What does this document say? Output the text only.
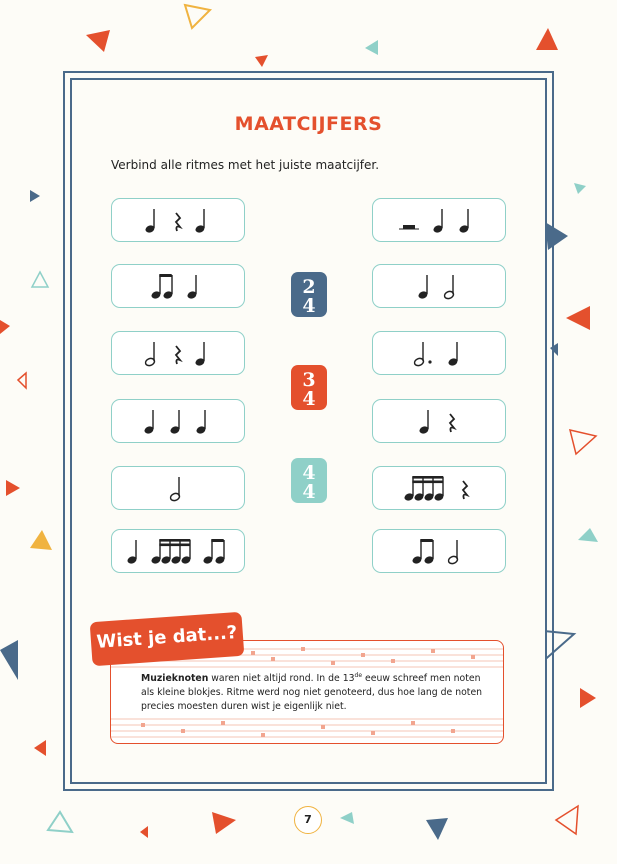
MAATCIJFERS
Verbind alle ritmes met het juiste maatcijfer.
2
4
3
4
4
4
Muzieknoten waren niet altijd rond. In de 13de eeuw schreef men noten als kleine blokjes. Ritme werd nog niet genoteerd, dus hoe lang de noten precies moesten duren wist je eigenlijk niet.
Wist je dat...?
7
